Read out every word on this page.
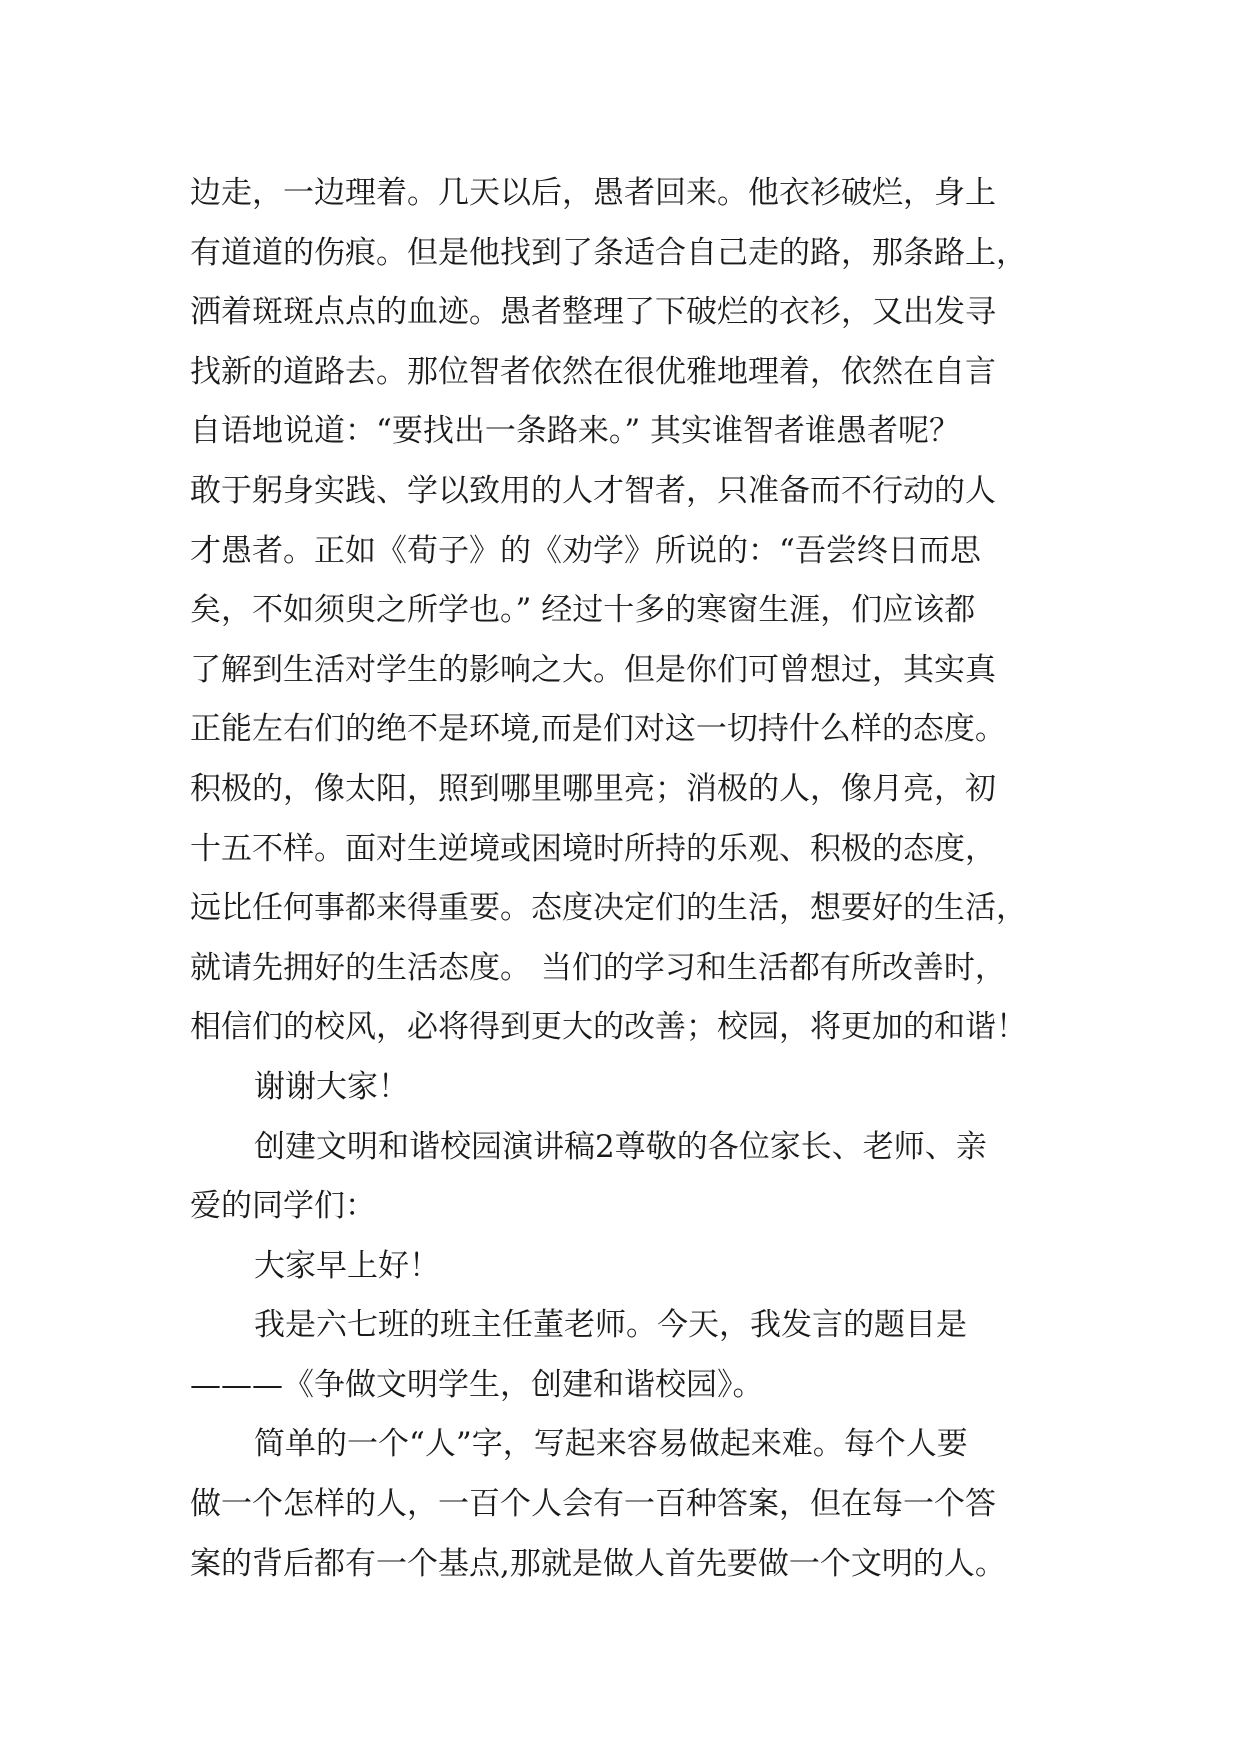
边走，一边理着。几天以后，愚者回来。他衣衫破烂，身上
有道道的伤痕。但是他找到了条适合自己走的路，那条路上，
洒着斑斑点点的血迹。愚者整理了下破烂的衣衫，又出发寻
找新的道路去。那位智者依然在很优雅地理着，依然在自言
自语地说道：“要找出一条路来。” 其实谁智者谁愚者呢？
敢于躬身实践、学以致用的人才智者，只准备而不行动的人
才愚者。正如《荀子》的《劝学》所说的：“吾尝终日而思
矣，不如须臾之所学也。” 经过十多的寒窗生涯，们应该都
了解到生活对学生的影响之大。但是你们可曾想过，其实真
正能左右们的绝不是环境,而是们对这一切持什么样的态度。
积极的，像太阳，照到哪里哪里亮；消极的人，像月亮，初
十五不样。面对生逆境或困境时所持的乐观、积极的态度，
远比任何事都来得重要。态度决定们的生活，想要好的生活，
就请先拥好的生活态度。 当们的学习和生活都有所改善时，
相信们的校风，必将得到更大的改善；校园，将更加的和谐！
谢谢大家！
创建文明和谐校园演讲稿2尊敬的各位家长、老师、亲
爱的同学们：
大家早上好！
我是六七班的班主任董老师。今天，我发言的题目是
———《争做文明学生，创建和谐校园》。
简单的一个“人”字，写起来容易做起来难。每个人要
做一个怎样的人，一百个人会有一百种答案，但在每一个答
案的背后都有一个基点,那就是做人首先要做一个文明的人。
